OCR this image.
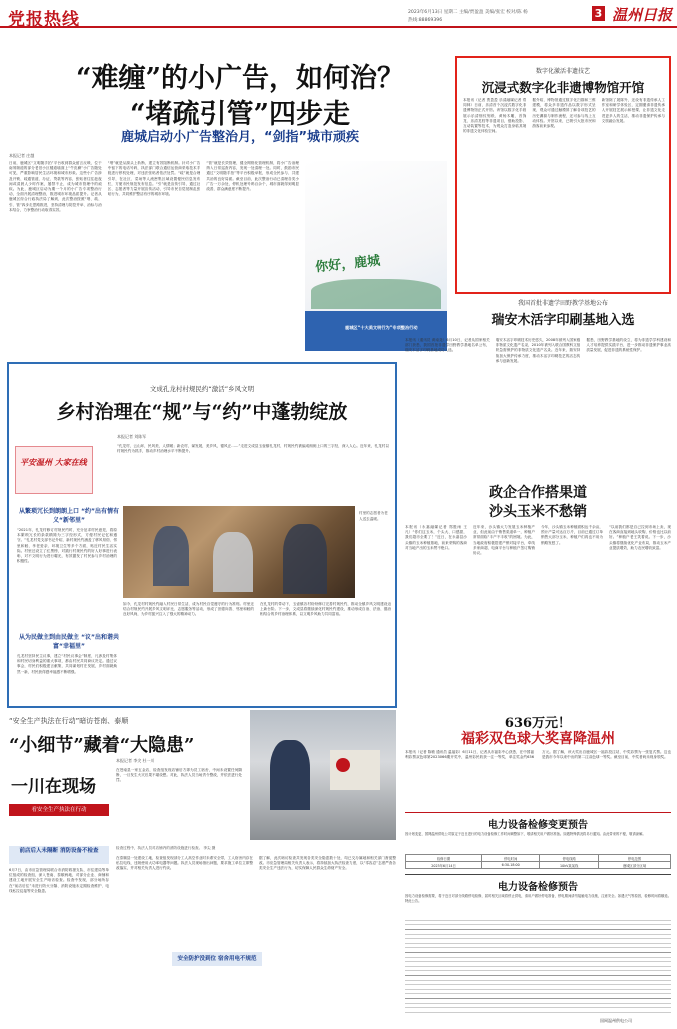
党报热线	2023年6月13日 星期二 主编/贾盈盈 美编/张宏 校对/陈 杨
热线:88869396
3 温州日报
“难缠”的小广告，如何治？
“堵疏引管”四步走
鹿城启动小广告整治月，“剑指”城市顽疾
本报记者 庄越
日前，鹿城区“文明随手拍”平台收到群众留言反映，位于南郊街道的部分老旧小区楼道墙面上“牛皮癣”小广告随处可见，严重影响居民生活环境和城市形象。这些小广告涉及开锁、疏通管道、办证、贷款等内容，张贴者往往趁夜间或清晨人少时作案，屡禁不止，成为城市管理中的顽疾。为此，鹿城区启动为期一个月的小广告专项整治行动，全面开展清理整治，推进城市环境品质提升。记者从鹿城区综合行政执法局了解到，此次整治按照“堵、疏、引、管”四步走思路推进，坚持清理与防控并举、治标与治本结合，力争整治行动取得实效。
“堵”就是从源头上斩断，建立有效阻断机制。针对小广告中留下的电话号码，执法部门联合通信运营商采取技术手段进行停机处理，对违法张贴者依法处罚。“疏”就是合理引导，在社区、菜场等人流密集区域设置便民信息发布栏，方便市民规范发布信息。“引”就是宣传引导，通过社区、志愿者等力量开展宣传活动，引导市民自觉抵制乱张贴行为，共同维护整洁有序的城市环境。
“管”就是长效管理，健全网格化管理机制，将小广告治理纳入日常巡查内容，发现一处清理一处。同时，鼓励市民通过“文明随手拍”等平台积极举报，形成全民参与、共建共治的良好局面。截至目前，此次整治行动已清理各类小广告一万余处，停机处理号码百余个，城市面貌得到明显改善，群众满意度不断提升。
你好，鹿城
鹿城区“十大美文明行为”专项整治行动
数字化激活非遗技艺
沉浸式数字化非遗博物馆开馆
本报讯（记者 贾盈盈 乐清融媒记者 郑同林）日前，乐清首个沉浸式数字化非遗博物馆正式开馆。该馆以数字化手段展示乐清细纹刻纸、黄杨木雕、首饰龙、乐清龙档等非遗项目，借助投影、互动装置等技术，为观众打造身临其境的非遗文化体验空间。
据介绍，博物馆通过数字化扫描和三维建模，将众多非遗作品以数字形式呈现，观众可通过触摸屏了解各项技艺的历史渊源与制作流程，还可参与线上互动体验。开馆以来，已吸引大批市民和游客前来参观。
新馆除了展陈外，还设有非遗传承人工作室和研学体验区，定期邀请非遗传承人开展技艺展示和授课，让非遗文化走进更多人的生活，推动非遗保护传承与文旅融合发展。
我国首批非遗学田野教学基地公布
瑞安木活字印刷基地入选
本报讯（通讯员 黄南尧）6月10日，记者从国家相关部门获悉，我国首批非遗学田野教学基地名单公布，瑞安木活字印刷基地成功入选。
瑞安木活字印刷技术历史悠久，2008年被列入国家级非物质文化遗产名录，2010年被列入联合国教科文组织急需保护的非物质文化遗产名录。近年来，瑞安持续加大保护传承力度，推动木活字印刷技艺的活态传承与创新发展。
据悉，田野教学基地的设立，将为非遗学学科建设和人才培养提供实践平台，进一步推动非遗保护事业高质量发展，促进非遗的系统性保护。
文成孔龙村村规民约“激活”乡风文明
乡村治理在“规”与“约”中蓬勃绽放
本报记者 刘陈军
“孔龙村，云山环，民风美，人情暖；新农村，谋发展，美乡风，德风正……”走进文成县玉壶镇孔龙村，村规民约被编成朗朗上口的三字经，深入人心。近年来，孔龙村以村规民约为抓手，推动乡村治理水平不断提升。
平安温州 大家在线
从繁琐冗长到朗朗上口 “约”出有情有义“新邻里”
“2021年，孔龙村修订村规民约时，充分征求村民意见，将原本繁琐冗长的条款精简为三字经形式，方便村民记忆和遵守。”孔龙村党支部书记介绍，新村规民约涵盖了移风易俗、邻里和睦、孝老爱亲、环境卫生等多个方面，贴近村民生活实际。村里还设立了红黑榜，对践行村规民约的好人好事进行表彰，对不文明行为进行曝光，有效激发了村民参与乡村治理的积极性。
从为民做主到由民做主 “议”出和谐共富“幸福里”
孔龙村坚持民主议事，建立“村民议事会”制度，凡涉及村集体和村民切身利益的重大事项，都由村民共同商议决定。通过议事会，村民们积极建言献策，共同谋划村庄发展，乡村面貌焕然一新，村民获得感幸福感不断增强。
村里的志愿者为老人送去温暖。
如今，孔龙村村规民约融入村民日常生活，成为村民自觉遵守的行为准则。村里还结合村规民约开展乡风文明评比、志愿服务等活动，形成了崇德向善、邻里和睦的良好风尚，为乡村振兴注入了强大的精神动力。
在孔龙村的带动下，玉壶镇各村纷纷修订完善村规民约，推动全镇乡风文明建设迈上新台阶。下一步，文成县将继续深化村规民约建设，推动形成自治、法治、德治相结合的乡村治理体系，以文明乡风助力共同富裕。
政企合作搭果道
沙头玉米不愁销
本报讯（永嘉融媒记者 郑胜雨 王凡）“你们这玉米，个头大、口感甜，我们超市全要了！”近日，在永嘉县沙头镇的玉米种植基地，前来采购的客商对当地产出的玉米赞不绝口。
近年来，沙头镇大力发展玉米种植产业，但此前由于销售渠道单一，种植户常常面临“丰产不丰收”的困境。为此，当地政府积极搭建产销对接平台，牵线多家商超、电商平台与种植户签订购销协议。
今年，沙头镇玉米种植面积达千余亩，预计产量可达百万斤，目前已通过订单销售大部分玉米，种植户们再也不用为销路发愁了。
“以前我们都是自己拉到市场上卖，现在客商直接到地头收购，价格也比以前好。”种植户老王笑着说。下一步，沙头镇将继续优化产业布局，推动玉米产业提质增效，助力农民增收致富。
“安全生产执法在行动”暗访苍南、泰顺
“小细节”藏着“大隐患”
本报记者 李尖 杜一川
一川在现场
看安全生产执法在行动
前店后人未隔断 消防设备不检查
6月7日，由市应急管理局联合市消防救援支队、市住建局等单位组成的检查组，深入苍南、泰顺两地，对部分企业、商铺和建设工地开展安全生产暗访检查。检查中发现，部分场所存在“前店后住”未进行防火分隔、消防设施未定期检查维护、电线私拉乱接等安全隐患。
在苍南县一家五金店，检查组发现店铺后方即为员工宿舍，中间未设置任何隔断，一旦发生火灾后果不堪设想。对此，执法人员当场责令整改，并依法进行处罚。
检查过程中，执法人员对店铺内的消防设施进行检查。 李尖 摄
在泰顺县一处建设工地，检查组发现部分工人高空作业时未系安全带，工人宿舍内存在私拉电线、违规使用大功率电器等问题。执法人员现场指出问题，要求施工单位立即整改落实，并对相关负责人进行约谈。
据了解，此次暗访检查共发现各类安全隐患数十处，均已交办属地和相关部门督促整改。市应急管理局相关负责人表示，将持续加大执法检查力度，以“零容忍”态度严查各类安全生产违法行为，切实保障人民群众生命财产安全。
安全防护没到位 宿舍用电不规范
636万元！
福彩双色球大奖喜降温州
本报讯（记者 陈敏 通讯员 温福彩）6月11日，记者从市福彩中心获悉，在中国福利彩票双色球第2023066期开奖中，温州彩民收获一注一等奖，单注奖金约636万元。据了解，该大奖出自鹿城区一福彩投注站，中奖彩票为一张复式票。这也是我市今年以来中出的第二注双色球一等奖。截至目前，中奖者尚未现身领奖。
电力设备检修变更预告
因计划变更，国网温州供电公司原定于近日进行的电力设备检修工作时间调整如下，敬请相关用户做好准备。如遇特殊情况将另行通知。由此带来的不便，敬请谅解。
检修日期	停电时间	停电线路	停电范围
2023年6月14日	6:30-18:00	10kV某某线	鹿城区部分区域
电力设备检修预告
因电力设备检修需要，将于近日对部分线路停电检修，届时相关区域将停止供电，请用户做好停电准备，停电期间请勿接触电力设施，注意安全。如遇天气等原因，检修时间将顺延。特此公告。
国网温州供电公司
